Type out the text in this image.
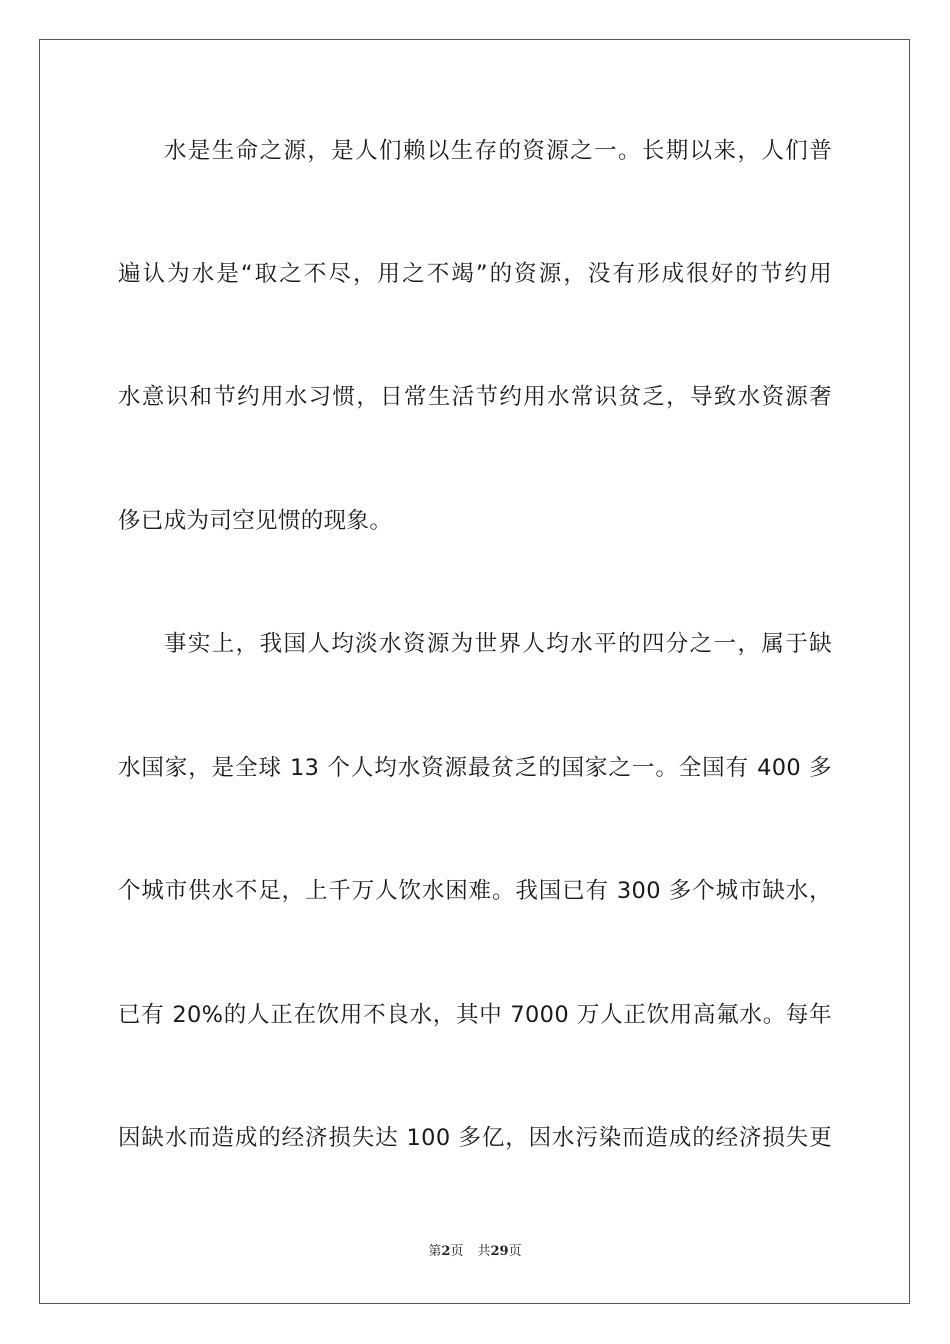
水是生命之源，是人们赖以生存的资源之一。长期以来，人们普
遍认为水是“取之不尽，用之不竭”的资源，没有形成很好的节约用
水意识和节约用水习惯，日常生活节约用水常识贫乏，导致水资源奢
侈已成为司空见惯的现象。
事实上，我国人均淡水资源为世界人均水平的四分之一，属于缺
水国家，是全球 13 个人均水资源最贫乏的国家之一。全国有 400 多
个城市供水不足，上千万人饮水困难。我国已有 300 多个城市缺水，
已有 20%的人正在饮用不良水，其中 7000 万人正饮用高氟水。每年
因缺水而造成的经济损失达 100 多亿，因水污染而造成的经济损失更
第2页 共29页
